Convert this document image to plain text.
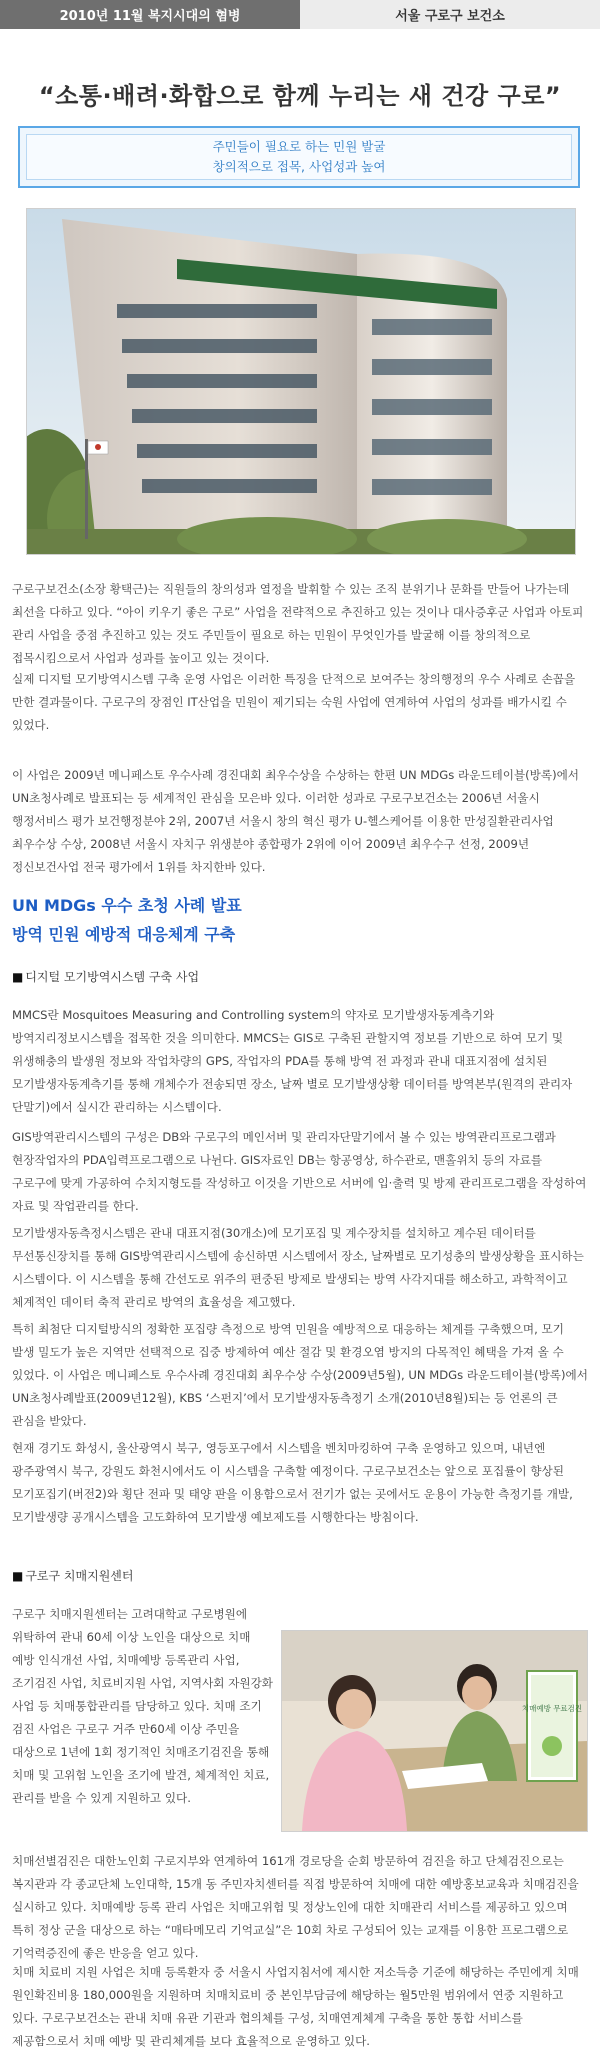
2010년 11월 복지시대의 혐병	서울 구로구 보건소
“소통·배려·화합으로 함께 누리는 새 건강 구로”
주민들이 필요로 하는 민원 발굴
창의적으로 접목, 사업성과 높여

구로구보건소(소장 황택근)는 직원들의 창의성과 열정을 발휘할 수 있는 조직 분위기나 문화를 만들어 나가는데 최선을 다하고 있다. “아이 키우기 좋은 구로” 사업을 전략적으로 추진하고 있는 것이나 대사증후군 사업과 아토피 관리 사업을 중점 추진하고 있는 것도 주민들이 필요로 하는 민원이 무엇인가를 발굴해 이를 창의적으로 접목시킴으로서 사업과 성과를 높이고 있는 것이다.

실제 디지털 모기방역시스템 구축 운영 사업은 이러한 특징을 단적으로 보여주는 창의행정의 우수 사례로 손꼽을 만한 결과물이다. 구로구의 장점인 IT산업을 민원이 제기되는 숙원 사업에 연계하여 사업의 성과를 배가시킬 수 있었다.

이 사업은 2009년 메니페스토 우수사례 경진대회 최우수상을 수상하는 한편 UN MDGs 라운드테이블(방록)에서 UN초청사례로 발표되는 등 세계적인 관심을 모은바 있다. 이러한 성과로 구로구보건소는 2006년 서울시 행정서비스 평가 보건행정분야 2위, 2007년 서울시 창의 혁신 평가 U-헬스케어를 이용한 만성질환관리사업 최우수상 수상, 2008년 서울시 자치구 위생분야 종합평가 2위에 이어 2009년 최우수구 선정, 2009년 정신보건사업 전국 평가에서 1위를 차지한바 있다.

UN MDGs 우수 초청 사례 발표
방역 민원 예방적 대응체계 구축
■ 디지털 모기방역시스템 구축 사업

MMCS란 Mosquitoes Measuring and Controlling system의 약자로 모기발생자동계측기와 방역지리정보시스템을 접목한 것을 의미한다. MMCS는 GIS로 구축된 관할지역 정보를 기반으로 하여 모기 및 위생해충의 발생원 정보와 작업차량의 GPS, 작업자의 PDA를 통해 방역 전 과정과 관내 대표지점에 설치된 모기발생자동계측기를 통해 개체수가 전송되면 장소, 날짜 별로 모기발생상황 데이터를 방역본부(원격의 관리자 단말기)에서 실시간 관리하는 시스템이다.

GIS방역관리시스템의 구성은 DB와 구로구의 메인서버 및 관리자단말기에서 볼 수 있는 방역관리프로그램과 현장작업자의 PDA입력프로그램으로 나뉜다. GIS자료인 DB는 항공영상, 하수관로, 맨홀위치 등의 자료를 구로구에 맞게 가공하여 수치지형도를 작성하고 이것을 기반으로 서버에 입·출력 및 방제 관리프로그램을 작성하여 자료 및 작업관리를 한다.

모기발생자동측정시스템은 관내 대표지점(30개소)에 모기포집 및 계수장치를 설치하고 계수된 데이터를 무선통신장치를 통해 GIS방역관리시스템에 송신하면 시스템에서 장소, 날짜별로 모기성충의 발생상황을 표시하는 시스템이다. 이 시스템을 통해 간선도로 위주의 편중된 방제로 발생되는 방역 사각지대를 해소하고, 과학적이고 체계적인 데이터 축적 관리로 방역의 효율성을 제고했다.

특히 최첨단 디지털방식의 정확한 포집량 측정으로 방역 민원을 예방적으로 대응하는 체계를 구축했으며, 모기 발생 밀도가 높은 지역만 선택적으로 집중 방제하여 예산 절감 및 환경오염 방지의 다목적인 혜택을 가져 올 수 있었다. 이 사업은 메니페스토 우수사례 경진대회 최우수상 수상(2009년5월), UN MDGs 라운드테이블(방록)에서 UN초청사례발표(2009년12월), KBS ‘스펀지’에서 모기발생자동측정기 소개(2010년8월)되는 등 언론의 큰 관심을 받았다.

현재 경기도 화성시, 울산광역시 북구, 영등포구에서 시스템을 벤치마킹하여 구축 운영하고 있으며, 내년엔 광주광역시 북구, 강원도 화천시에서도 이 시스템을 구축할 예정이다. 구로구보건소는 앞으로 포집률이 향상된 모기포집기(버전2)와 횡단 전파 및 태양 판을 이용함으로서 전기가 없는 곳에서도 운용이 가능한 측정기를 개발, 모기발생량 공개시스템을 고도화하여 모기발생 예보제도를 시행한다는 방침이다.

■ 구로구 치매지원센터

구로구 치매지원센터는 고려대학교 구로병원에 위탁하여 관내 60세 이상 노인을 대상으로 치매 예방 인식개선 사업, 치매예방 등록관리 사업, 조기검진 사업, 치료비지원 사업, 지역사회 자원강화 사업 등 치매통합관리를 담당하고 있다. 치매 조기 검진 사업은 구로구 거주 만60세 이상 주민을 대상으로 1년에 1회 정기적인 치매조기검진을 통해 치매 및 고위험 노인을 조기에 발견, 체계적인 치료, 관리를 받을 수 있게 지원하고 있다.

치매예방 무료검진

치매선별검진은 대한노인회 구로지부와 연계하여 161개 경로당을 순회 방문하여 검진을 하고 단체검진으로는 복지관과 각 종교단체 노인대학, 15개 동 주민자치센터를 직접 방문하여 치매에 대한 예방홍보교육과 치매검진을 실시하고 있다. 치매예방 등록 관리 사업은 치매고위험 및 정상노인에 대한 치매관리 서비스를 제공하고 있으며 특히 정상 군을 대상으로 하는 “매타메모리 기억교실”은 10회 차로 구성되어 있는 교재를 이용한 프로그램으로 기억력증진에 좋은 반응을 얻고 있다.

치매 치료비 지원 사업은 치매 등록환자 중 서울시 사업지침서에 제시한 저소득층 기준에 해당하는 주민에게 치매 원인확진비용 180,000원을 지원하며 치매치료비 중 본인부담금에 해당하는 월5만원 범위에서 연중 지원하고 있다. 구로구보건소는 관내 치매 유관 기관과 협의체를 구성, 치매연계체계 구축을 통한 통합 서비스를 제공함으로서 치매 예방 및 관리체계를 보다 효율적으로 운영하고 있다.
